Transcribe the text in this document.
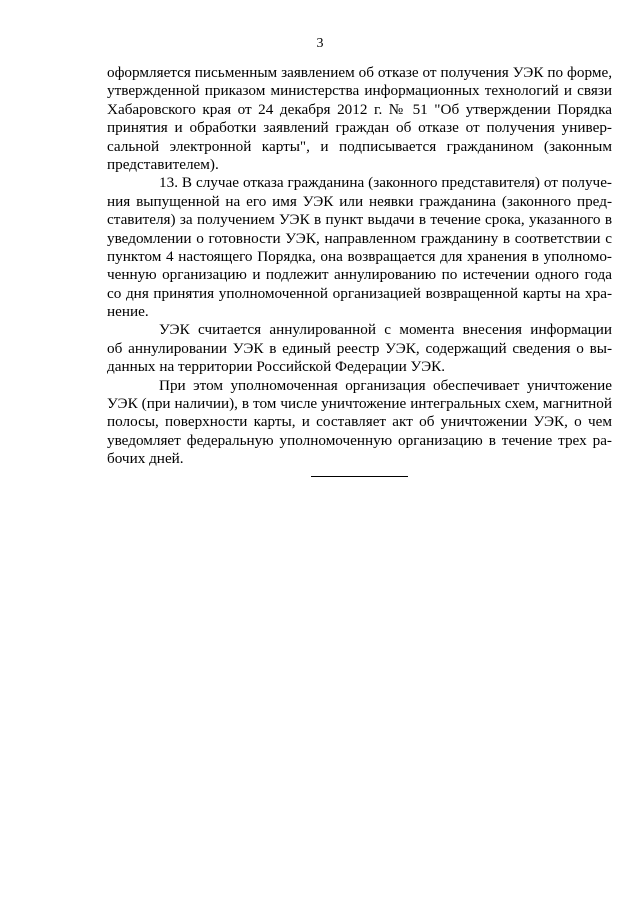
3
оформляется письменным заявлением об отказе от получения УЭК по форме,
утвержденной приказом министерства информационных технологий и связи
Хабаровского края от 24 декабря 2012 г. № 51 "Об утверждении Порядка
принятия и обработки заявлений граждан об отказе от получения универ-
сальной электронной карты", и подписывается гражданином (законным
представителем).
13. В случае отказа гражданина (законного представителя) от получе-
ния выпущенной на его имя УЭК или неявки гражданина (законного пред-
ставителя) за получением УЭК в пункт выдачи в течение срока, указанного в
уведомлении о готовности УЭК, направленном гражданину в соответствии с
пунктом 4 настоящего Порядка, она возвращается для хранения в уполномо-
ченную организацию и подлежит аннулированию по истечении одного года
со дня принятия уполномоченной организацией возвращенной карты на хра-
нение.
УЭК считается аннулированной с момента внесения информации
об аннулировании УЭК в единый реестр УЭК, содержащий сведения о вы-
данных на территории Российской Федерации УЭК.
При этом уполномоченная организация обеспечивает уничтожение
УЭК (при наличии), в том числе уничтожение интегральных схем, магнитной
полосы, поверхности карты, и составляет акт об уничтожении УЭК, о чем
уведомляет федеральную уполномоченную организацию в течение трех ра-
бочих дней.
